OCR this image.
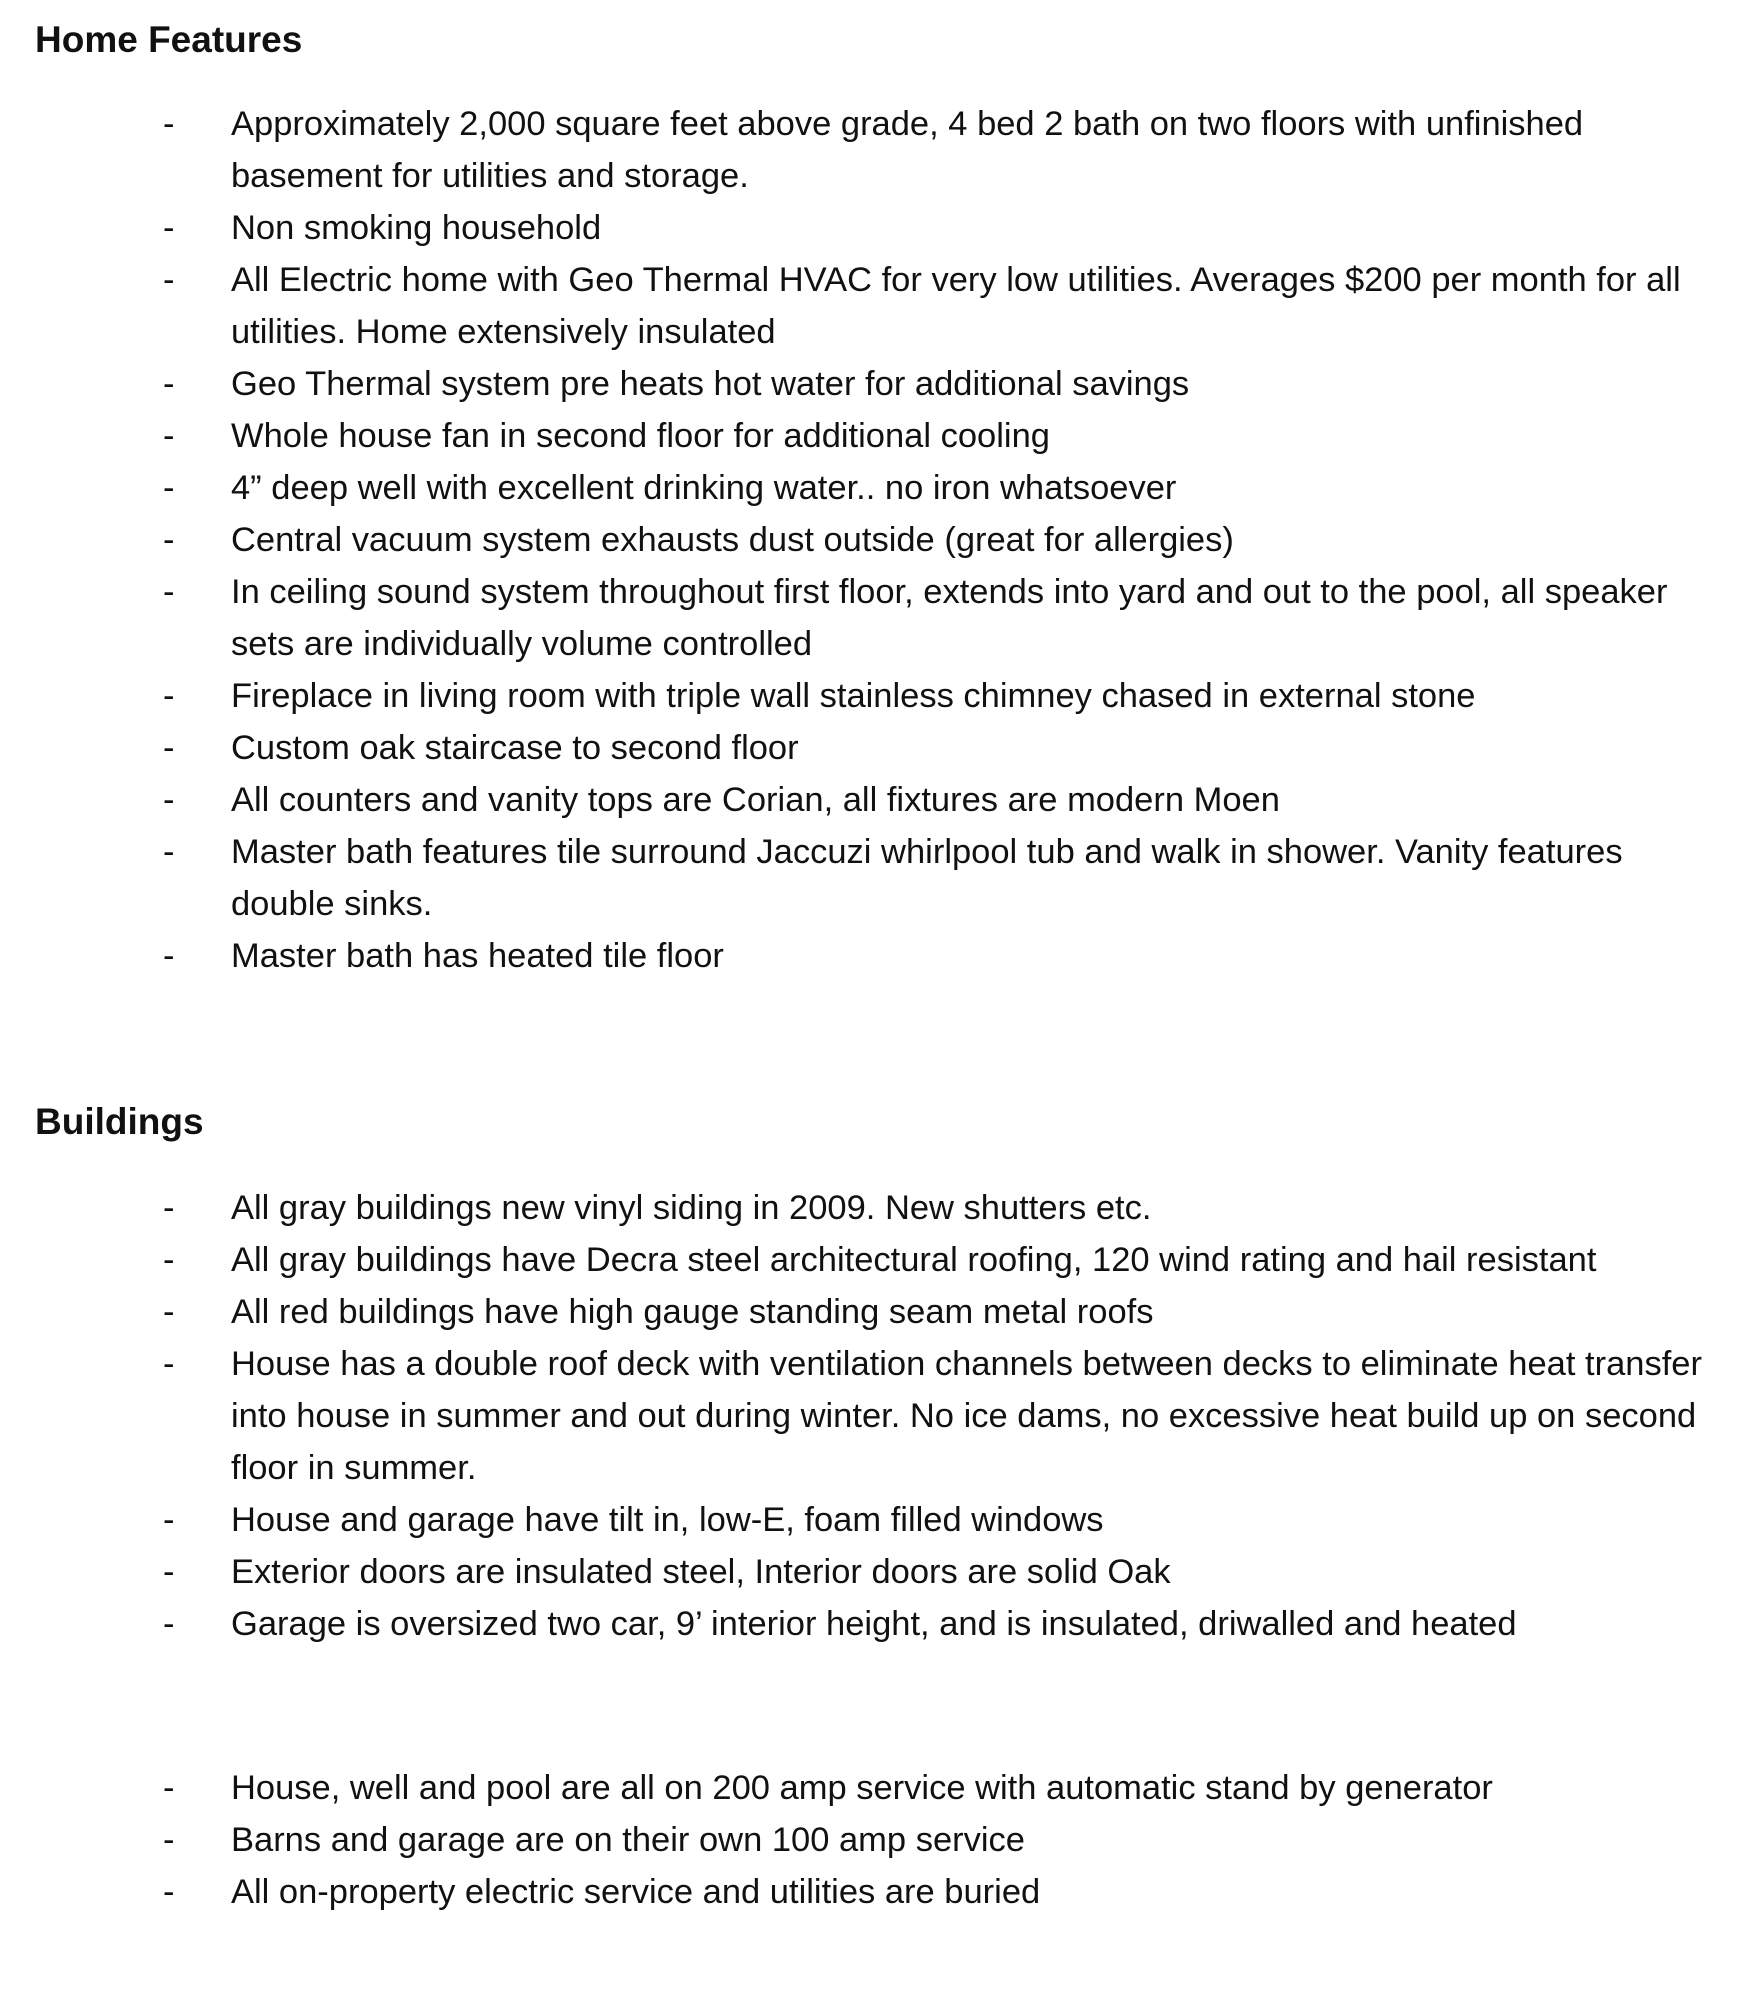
Home Features
- Approximately 2,000 square feet above grade, 4 bed 2 bath on two floors with unfinished basement for utilities and storage.
- Non smoking household
- All Electric home with Geo Thermal HVAC for very low utilities. Averages $200 per month for all utilities. Home extensively insulated
- Geo Thermal system pre heats hot water for additional savings
- Whole house fan in second floor for additional cooling
- 4” deep well with excellent drinking water.. no iron whatsoever
- Central vacuum system exhausts dust outside (great for allergies)
- In ceiling sound system throughout first floor, extends into yard and out to the pool, all speaker sets are individually volume controlled
- Fireplace in living room with triple wall stainless chimney chased in external stone
- Custom oak staircase to second floor
- All counters and vanity tops are Corian, all fixtures are modern Moen
- Master bath features tile surround Jaccuzi whirlpool tub and walk in shower. Vanity features double sinks.
- Master bath has heated tile floor
Buildings
- All gray buildings new vinyl siding in 2009. New shutters etc.
- All gray buildings have Decra steel architectural roofing, 120 wind rating and hail resistant
- All red buildings have high gauge standing seam metal roofs
- House has a double roof deck with ventilation channels between decks to eliminate heat transfer into house in summer and out during winter. No ice dams, no excessive heat build up on second floor in summer.
- House and garage have tilt in, low-E, foam filled windows
- Exterior doors are insulated steel, Interior doors are solid Oak
- Garage is oversized two car, 9’ interior height, and is insulated, driwalled and heated
- House, well and pool are all on 200 amp service with automatic stand by generator
- Barns and garage are on their own 100 amp service
- All on-property electric service and utilities are buried
